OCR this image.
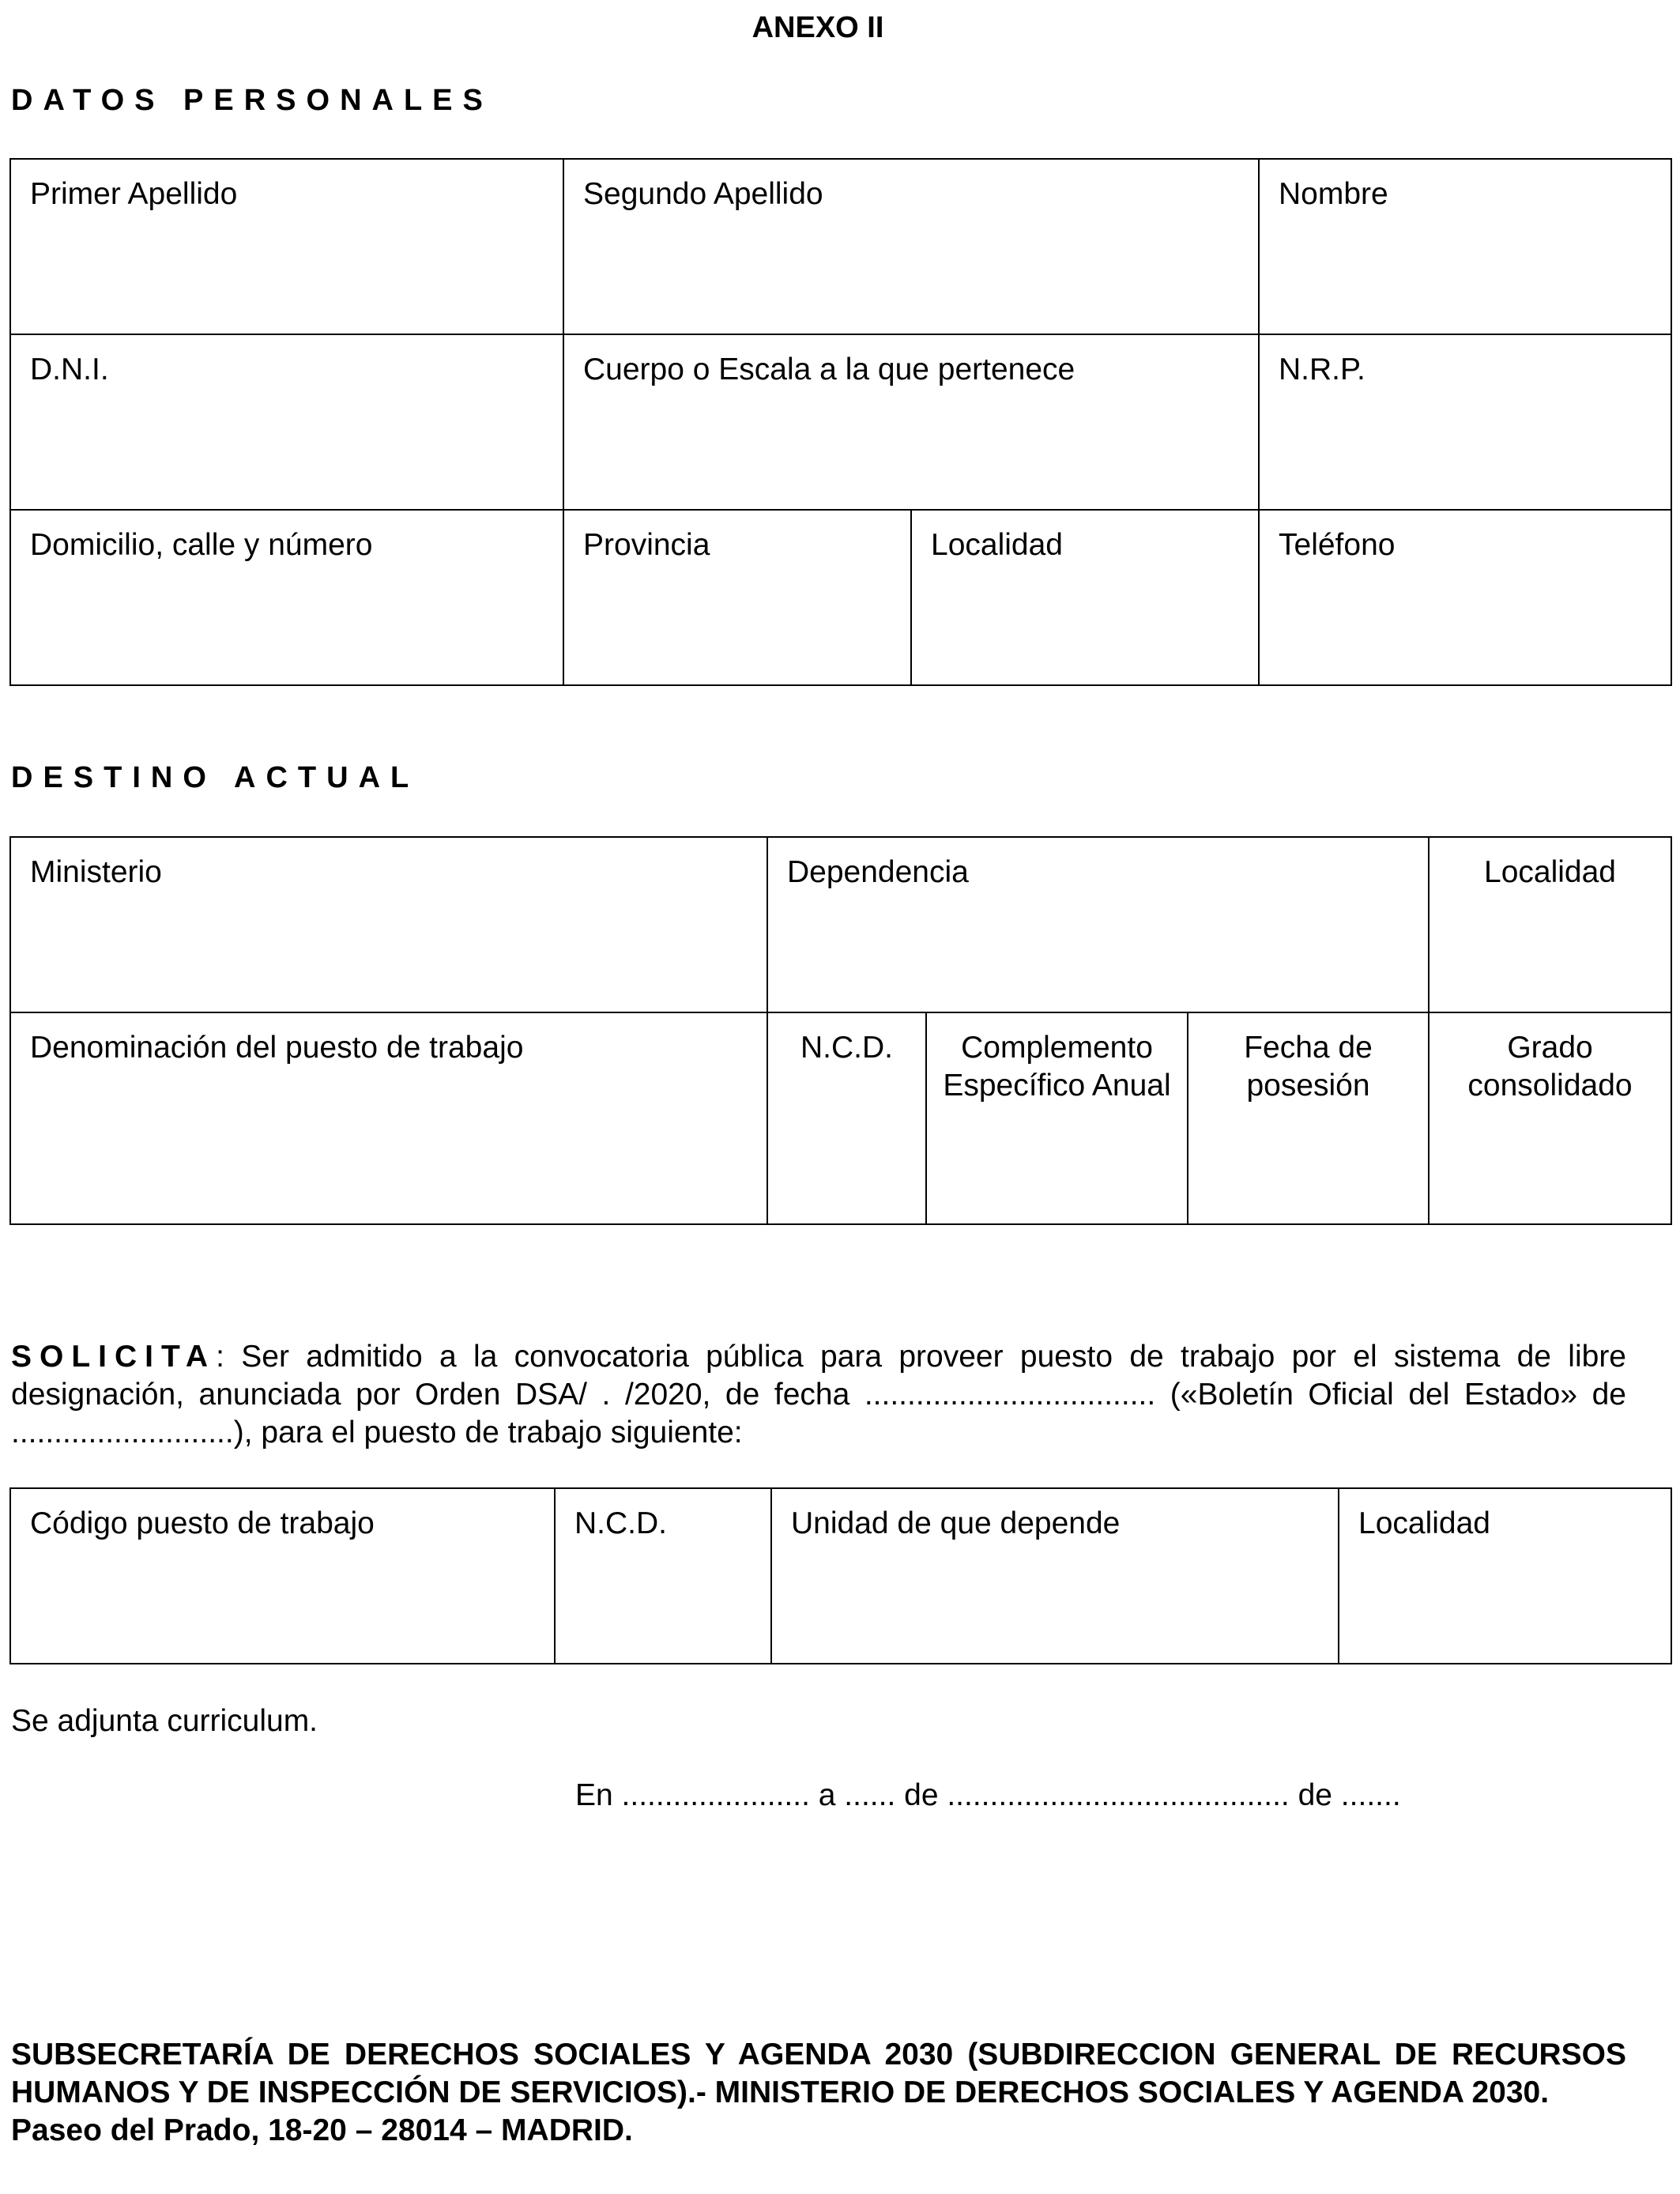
ANEXO II
DATOS PERSONALES
Primer Apellido	Segundo Apellido		Nombre
D.N.I.	Cuerpo o Escala a la que pertenece		N.R.P.
Domicilio, calle y número	Provincia	Localidad	Teléfono
DESTINO ACTUAL
Ministerio	Dependencia			Localidad
Denominación del puesto de trabajo	N.C.D.	Complemento Específico Anual	Fecha de posesión	Grado consolidado
SOLICITA: Ser admitido a la convocatoria pública para proveer puesto de trabajo por el sistema de libre designación, anunciada por Orden DSA/ . /2020, de fecha .................................. («Boletín Oficial del Estado» de ..........................), para el puesto de trabajo siguiente:
Código puesto de trabajo	N.C.D.	Unidad de que depende	Localidad
Se adjunta curriculum.
En ...................... a ...... de ........................................ de .......
SUBSECRETARÍA DE DERECHOS SOCIALES Y AGENDA 2030 (SUBDIRECCION GENERAL DE RECURSOS HUMANOS Y DE INSPECCIÓN DE SERVICIOS).- MINISTERIO DE DERECHOS SOCIALES Y AGENDA 2030.
Paseo del Prado, 18-20 – 28014 – MADRID.
